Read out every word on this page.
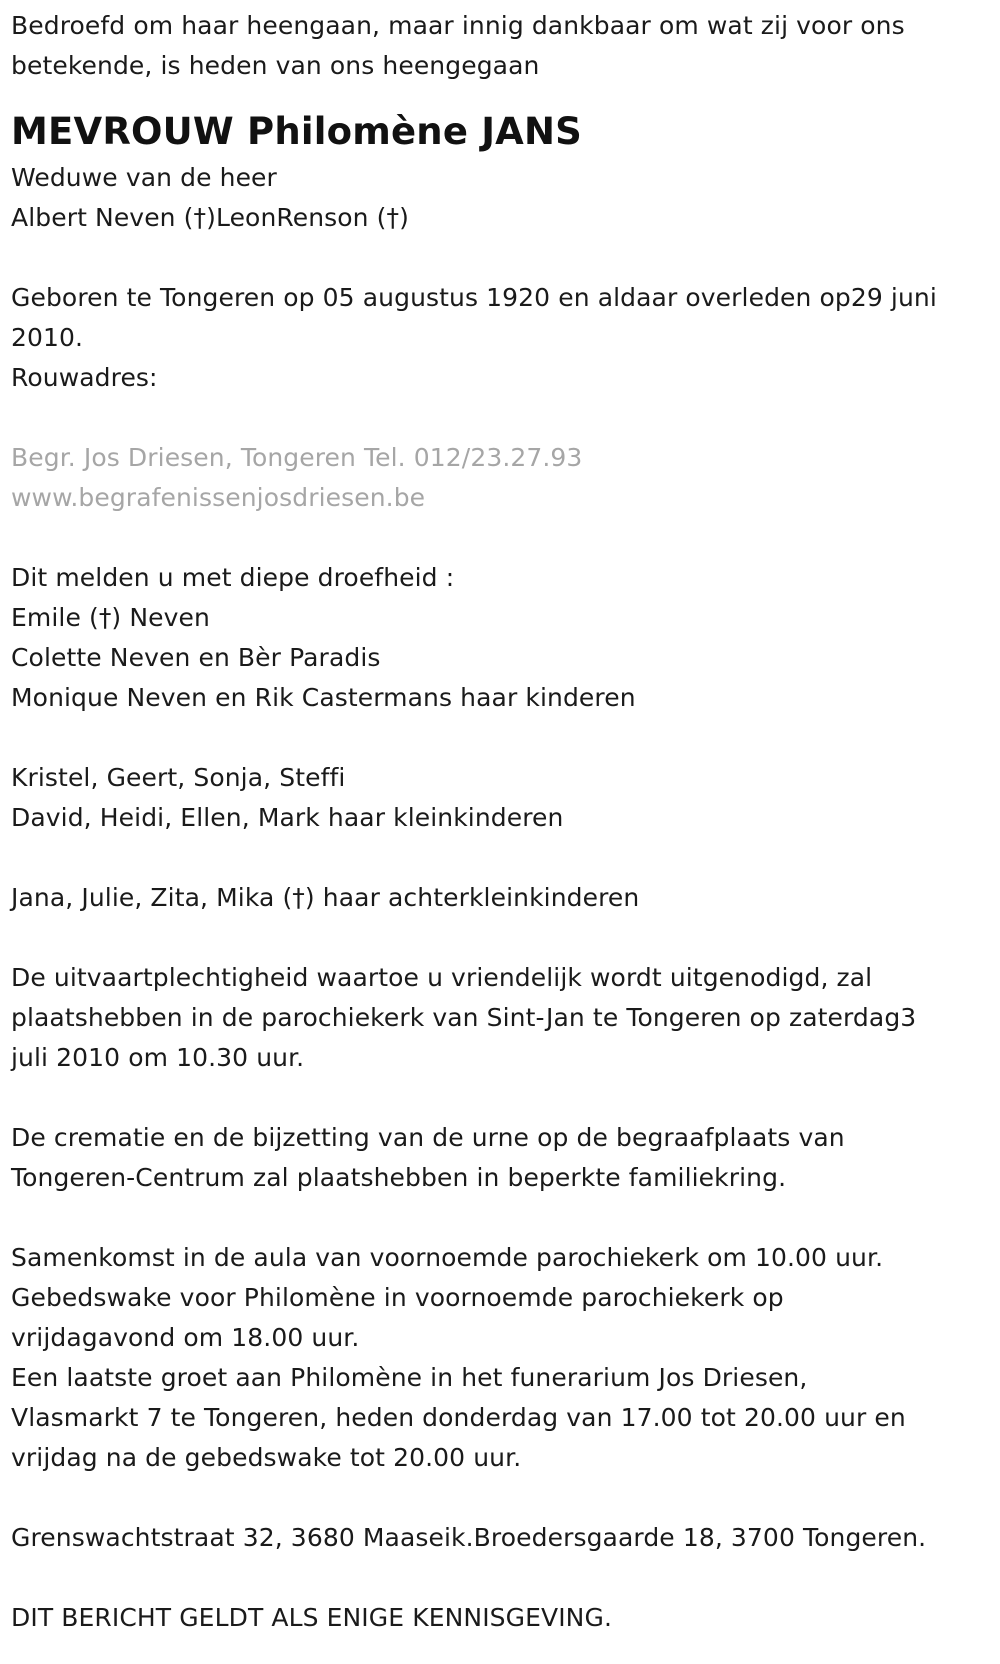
Bedroefd om haar heengaan, maar innig dankbaar om wat zij voor ons
betekende, is heden van ons heengegaan
MEVROUW Philomène JANS
Weduwe van de heer
Albert Neven (†)LeonRenson (†)
Geboren te Tongeren op 05 augustus 1920 en aldaar overleden op29 juni
2010.
Rouwadres:
Begr. Jos Driesen, Tongeren Tel. 012/23.27.93
www.begrafenissenjosdriesen.be
Dit melden u met diepe droefheid :
Emile (†) Neven
Colette Neven en Bèr Paradis
Monique Neven en Rik Castermans haar kinderen
Kristel, Geert, Sonja, Steffi
David, Heidi, Ellen, Mark haar kleinkinderen
Jana, Julie, Zita, Mika (†) haar achterkleinkinderen
De uitvaartplechtigheid waartoe u vriendelijk wordt uitgenodigd, zal
plaatshebben in de parochiekerk van Sint-Jan te Tongeren op zaterdag3
juli 2010 om 10.30 uur.
De crematie en de bijzetting van de urne op de begraafplaats van
Tongeren-Centrum zal plaatshebben in beperkte familiekring.
Samenkomst in de aula van voornoemde parochiekerk om 10.00 uur.
Gebedswake voor Philomène in voornoemde parochiekerk op
vrijdagavond om 18.00 uur.
Een laatste groet aan Philomène in het funerarium Jos Driesen,
Vlasmarkt 7 te Tongeren, heden donderdag van 17.00 tot 20.00 uur en
vrijdag na de gebedswake tot 20.00 uur.
Grenswachtstraat 32, 3680 Maaseik.Broedersgaarde 18, 3700 Tongeren.
DIT BERICHT GELDT ALS ENIGE KENNISGEVING.
